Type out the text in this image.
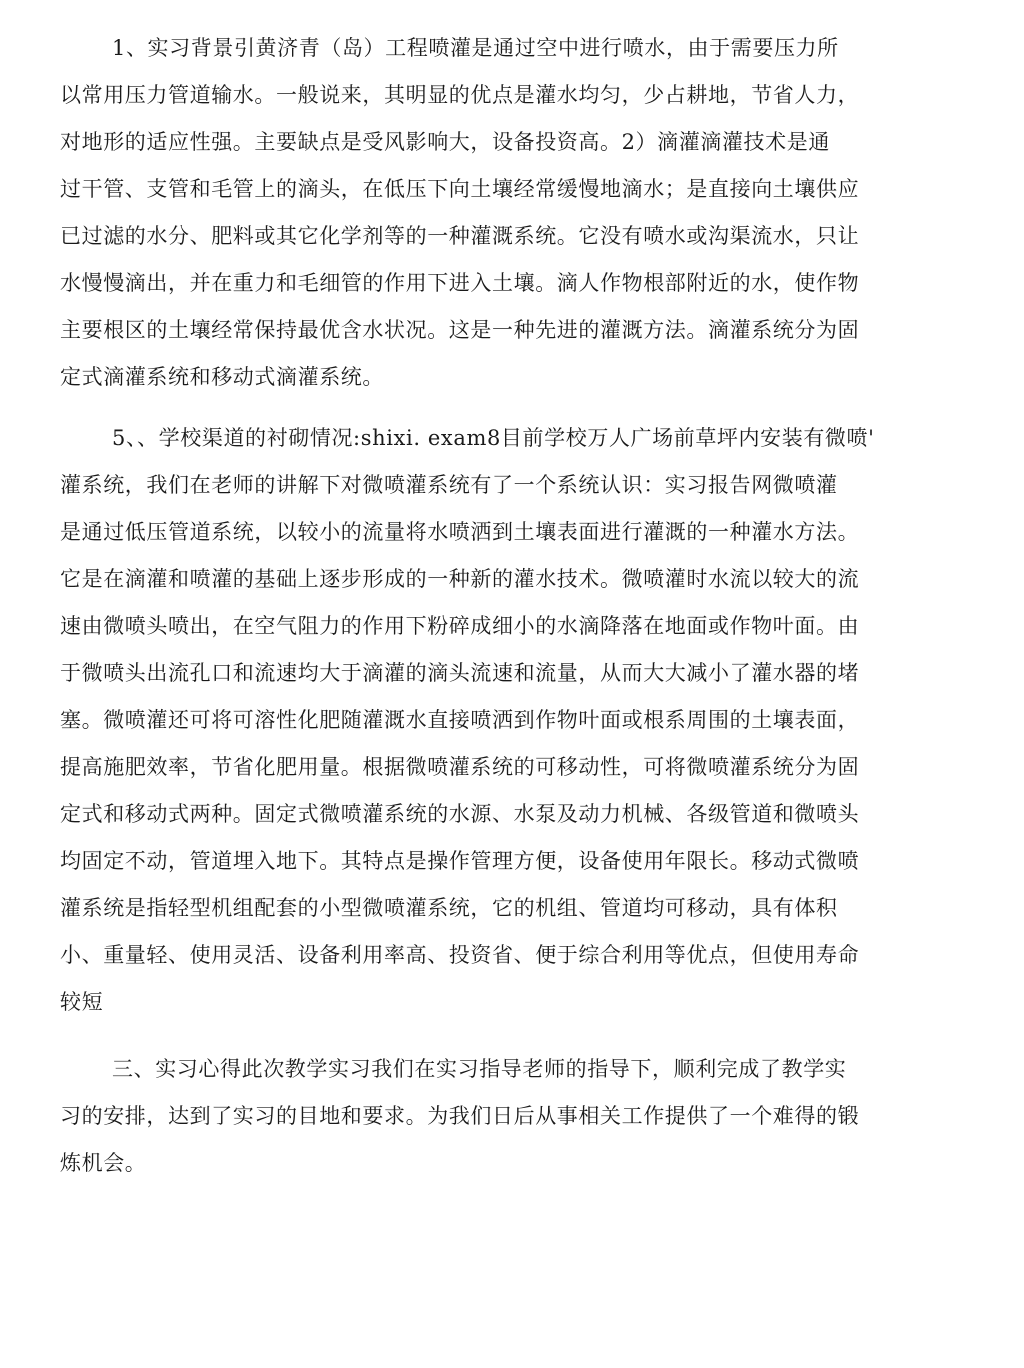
1、实习背景引黄济青（岛）工程喷灌是通过空中进行喷水，由于需要压力所
以常用压力管道输水。一般说来，其明显的优点是灌水均匀，少占耕地，节省人力，
对地形的适应性强。主要缺点是受风影响大，设备投资高。2）滴灌滴灌技术是通
过干管、支管和毛管上的滴头，在低压下向土壤经常缓慢地滴水；是直接向土壤供应
已过滤的水分、肥料或其它化学剂等的一种灌溉系统。它没有喷水或沟渠流水，只让
水慢慢滴出，并在重力和毛细管的作用下进入土壤。滴人作物根部附近的水，使作物
主要根区的土壤经常保持最优含水状况。这是一种先进的灌溉方法。滴灌系统分为固
定式滴灌系统和移动式滴灌系统。
5、、学校渠道的衬砌情况:shixi. exam8目前学校万人广场前草坪内安装有微喷'
灌系统，我们在老师的讲解下对微喷灌系统有了一个系统认识：实习报告网微喷灌
是通过低压管道系统，以较小的流量将水喷洒到土壤表面进行灌溉的一种灌水方法。
它是在滴灌和喷灌的基础上逐步形成的一种新的灌水技术。微喷灌时水流以较大的流
速由微喷头喷出，在空气阻力的作用下粉碎成细小的水滴降落在地面或作物叶面。由
于微喷头出流孔口和流速均大于滴灌的滴头流速和流量，从而大大减小了灌水器的堵
塞。微喷灌还可将可溶性化肥随灌溉水直接喷洒到作物叶面或根系周围的土壤表面，
提高施肥效率，节省化肥用量。根据微喷灌系统的可移动性，可将微喷灌系统分为固
定式和移动式两种。固定式微喷灌系统的水源、水泵及动力机械、各级管道和微喷头
均固定不动，管道埋入地下。其特点是操作管理方便，设备使用年限长。移动式微喷
灌系统是指轻型机组配套的小型微喷灌系统，它的机组、管道均可移动，具有体积
小、重量轻、使用灵活、设备利用率高、投资省、便于综合利用等优点，但使用寿命
较短
三、实习心得此次教学实习我们在实习指导老师的指导下，顺利完成了教学实
习的安排，达到了实习的目地和要求。为我们日后从事相关工作提供了一个难得的锻
炼机会。
